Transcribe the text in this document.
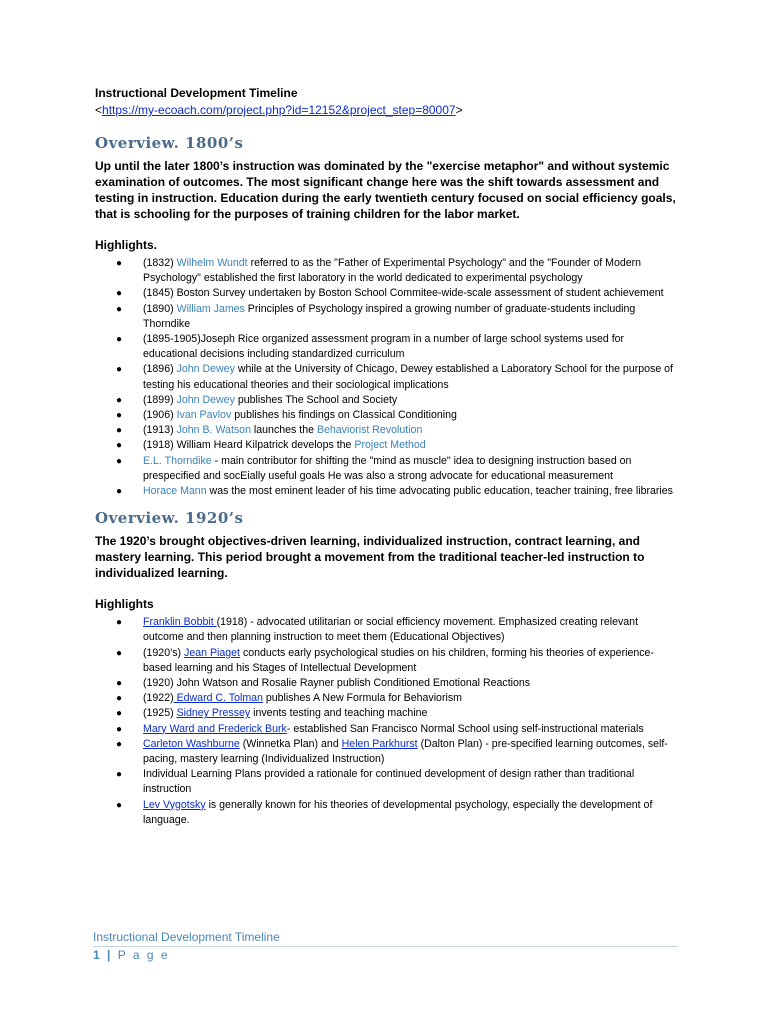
Instructional Development Timeline

<https://my-ecoach.com/project.php?id=12152&project_step=80007>

Overview. 1800’s

Up until the later 1800’s instruction was dominated by the "exercise metaphor" and without systemic examination of outcomes. The most significant change here was the shift towards assessment and testing in instruction. Education during the early twentieth century focused on social efficiency goals, that is schooling for the purposes of training children for the labor market.

Highlights.

● (1832) Wilhelm Wundt referred to as the "Father of Experimental Psychology" and the "Founder of Modern Psychology" established the first laboratory in the world dedicated to experimental psychology
● (1845) Boston Survey undertaken by Boston School Commitee-wide-scale assessment of student achievement
● (1890) William James Principles of Psychology inspired a growing number of graduate-students including Thorndike
● (1895-1905)Joseph Rice organized assessment program in a number of large school systems used for educational decisions including standardized curriculum
● (1896) John Dewey while at the University of Chicago, Dewey established a Laboratory School for the purpose of testing his educational theories and their sociological implications
● (1899) John Dewey publishes The School and Society
● (1906) Ivan Pavlov publishes his findings on Classical Conditioning
● (1913) John B. Watson launches the Behaviorist Revolution
● (1918) William Heard Kilpatrick develops the Project Method
● E.L. Thorndike - main contributor for shifting the "mind as muscle" idea to designing instruction based on prespecified and socEially useful goals He was also a strong advocate for educational measurement
● Horace Mann was the most eminent leader of his time advocating public education, teacher training, free libraries
Overview. 1920’s

The 1920’s brought objectives-driven learning, individualized instruction, contract learning, and mastery learning. This period brought a movement from the traditional teacher-led instruction to individualized learning.

Highlights

● Franklin Bobbit (1918) - advocated utilitarian or social efficiency movement. Emphasized creating relevant outcome and then planning instruction to meet them (Educational Objectives)
● (1920’s) Jean Piaget conducts early psychological studies on his children, forming his theories of experience-based learning and his Stages of Intellectual Development
● (1920) John Watson and Rosalie Rayner publish Conditioned Emotional Reactions
● (1922) Edward C. Tolman publishes A New Formula for Behaviorism
● (1925) Sidney Pressey invents testing and teaching machine
● Mary Ward and Frederick Burk- established San Francisco Normal School using self-instructional materials
● Carleton Washburne (Winnetka Plan) and Helen Parkhurst (Dalton Plan) - pre-specified learning outcomes, self-pacing, mastery learning (Individualized Instruction)
● Individual Learning Plans provided a rationale for continued development of design rather than traditional instruction
● Lev Vygotsky is generally known for his theories of developmental psychology, especially the development of language.

Instructional Development Timeline

1 | P a g e
